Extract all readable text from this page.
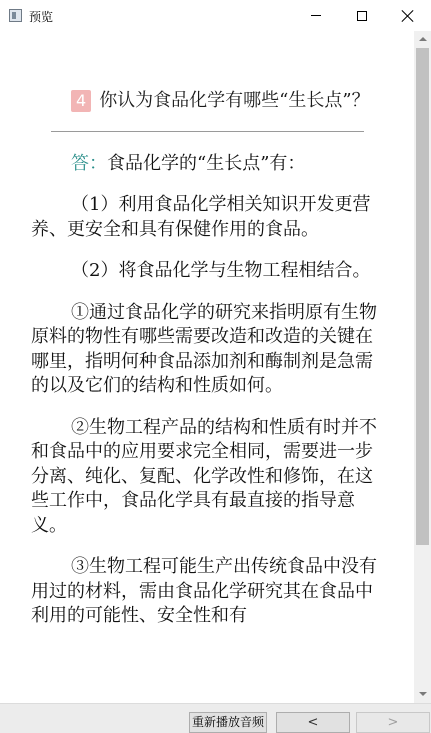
预览

4 你认为食品化学有哪些“生长点”？

答：食品化学的“生长点”有：

（1）利用食品化学相关知识开发更营养、更安全和具有保健作用的食品。

（2）将食品化学与生物工程相结合。

①通过食品化学的研究来指明原有生物原料的物性有哪些需要改造和改造的关键在哪里，指明何种食品添加剂和酶制剂是急需的以及它们的结构和性质如何。

②生物工程产品的结构和性质有时并不和食品中的应用要求完全相同，需要进一步分离、纯化、复配、化学改性和修饰，在这些工作中，食品化学具有最直接的指导意义。

③生物工程可能生产出传统食品中没有用过的材料，需由食品化学研究其在食品中利用的可能性、安全性和有

重新播放音频	<	>
